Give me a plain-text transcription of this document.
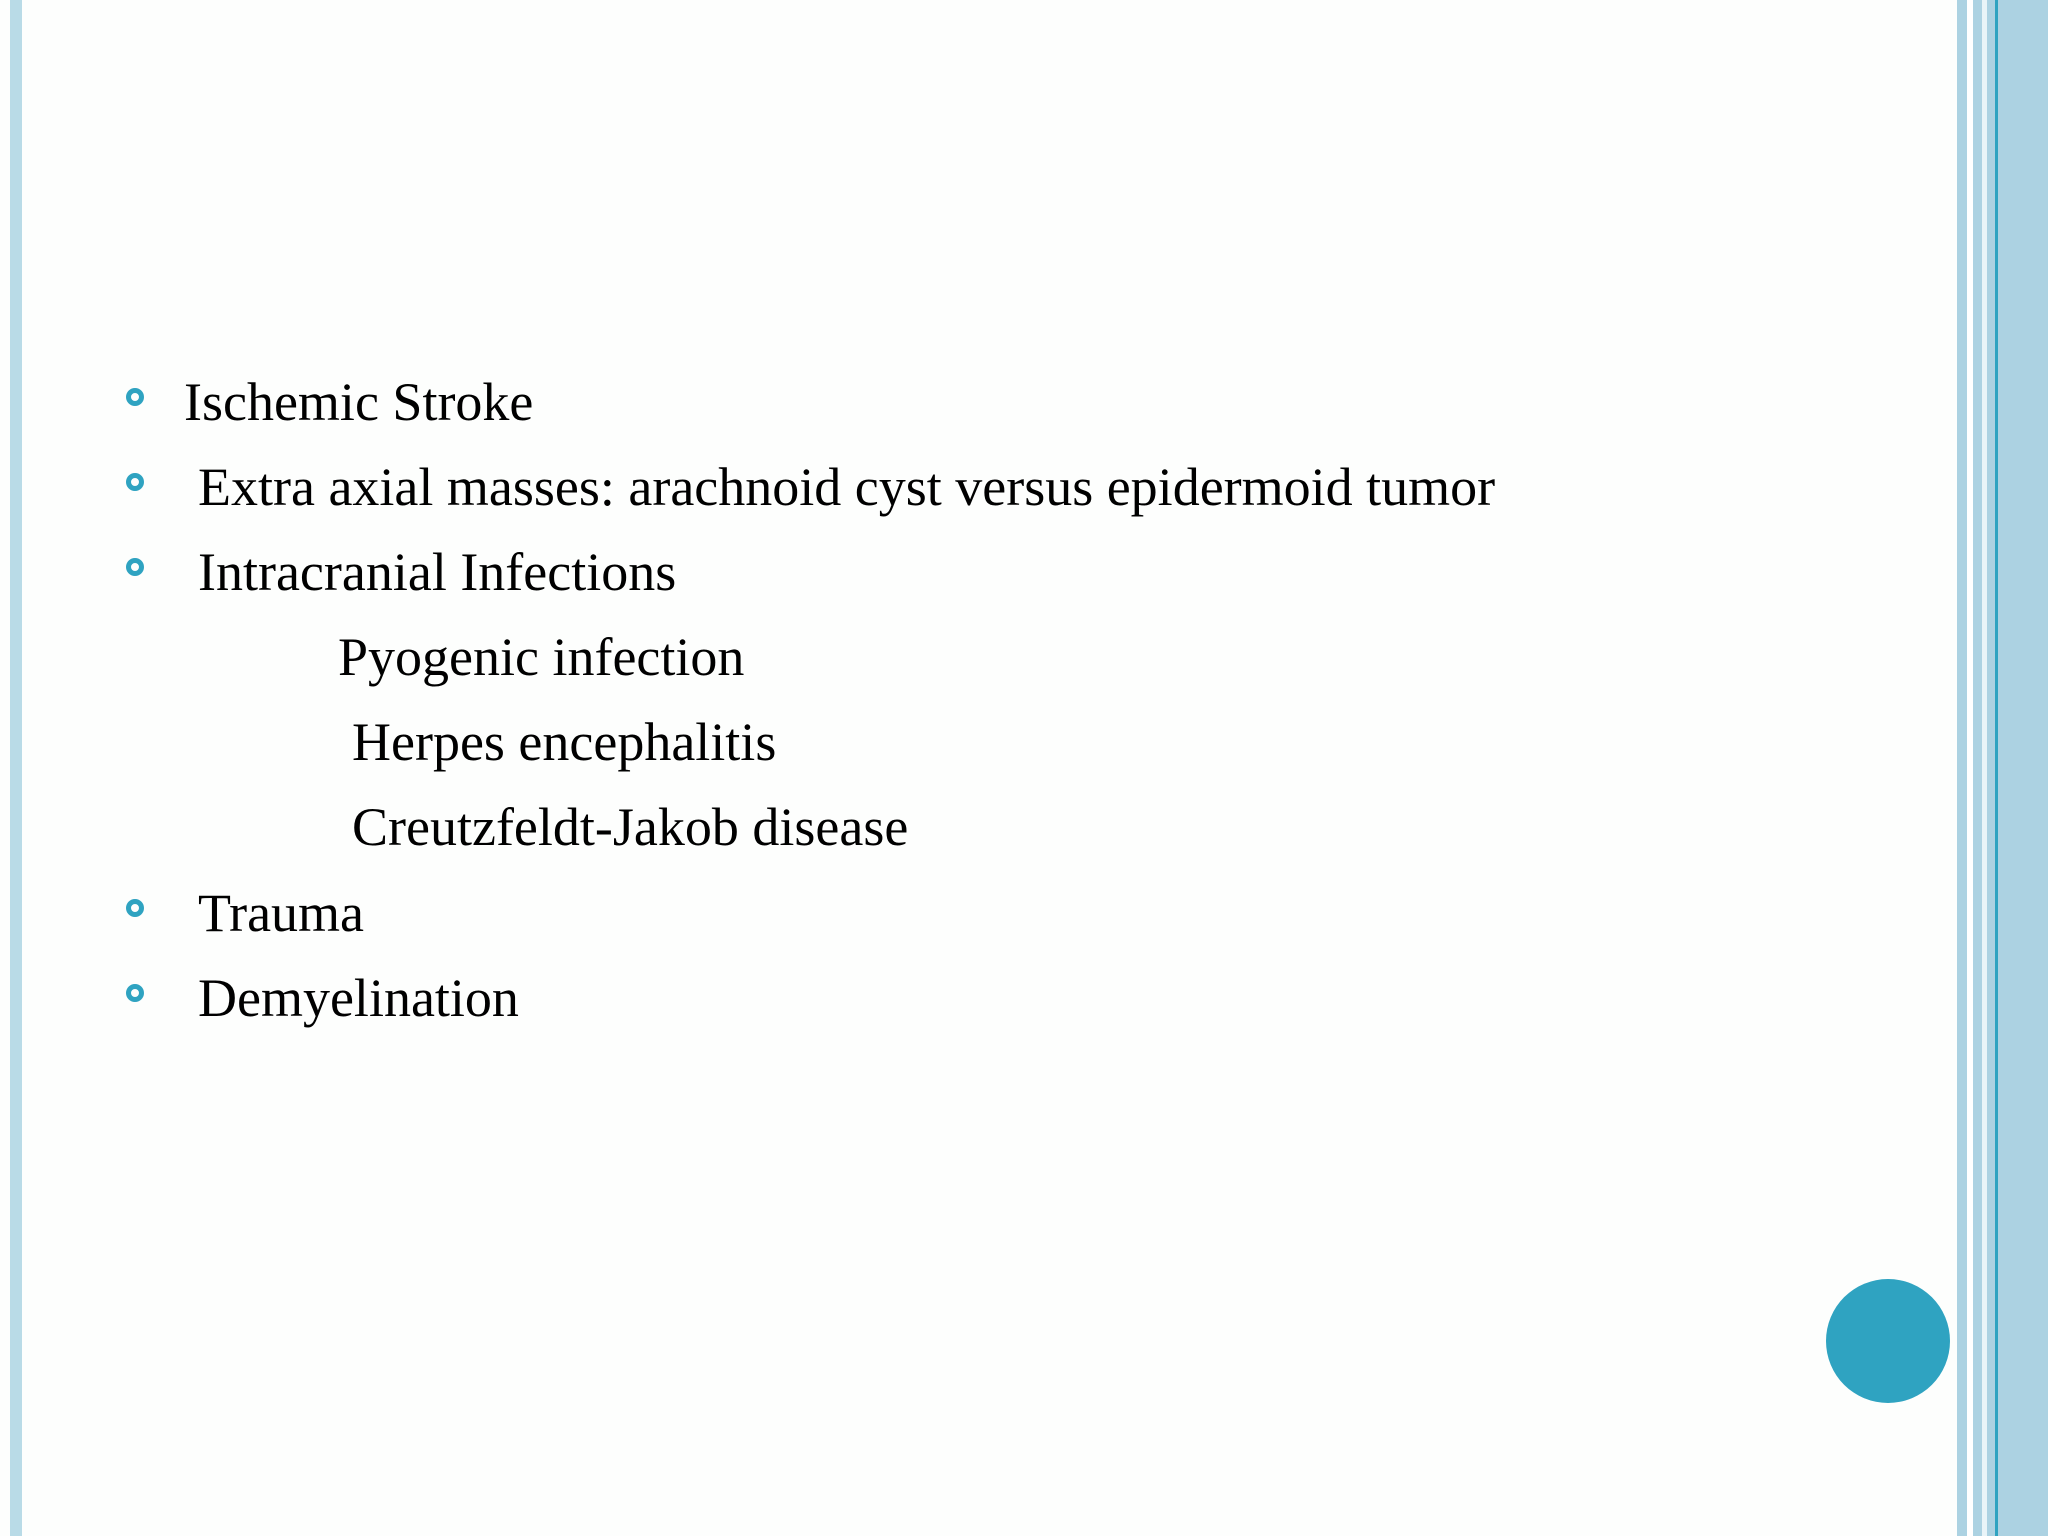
Ischemic Stroke
Extra axial masses: arachnoid cyst versus epidermoid tumor
Intracranial Infections
Pyogenic infection
Herpes encephalitis
Creutzfeldt-Jakob disease
Trauma
Demyelination
